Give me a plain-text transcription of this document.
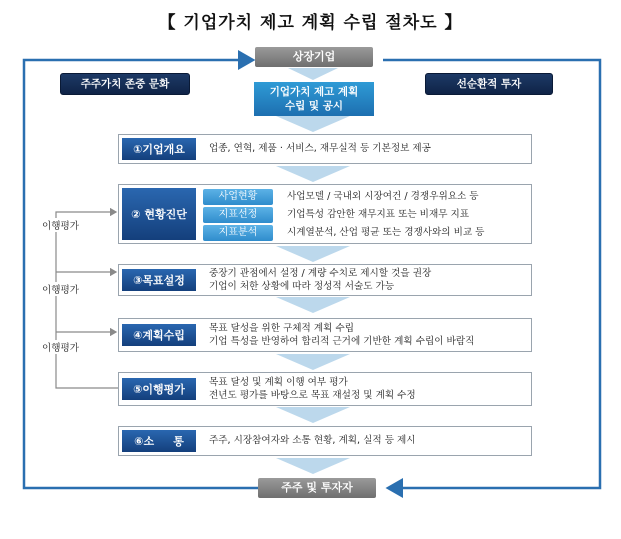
【 기업가치 제고 계획 수립 절차도 】
상장기업
주주가치 존중 문화	선순환적 투자
기업가치 제고 계획
수립 및 공시
①기업개요	업종, 연혁, 제품 · 서비스, 재무실적 등 기본정보 제공
② 현황진단
사업현황	사업모델 / 국내외 시장여건 / 경쟁우위요소 등
지표선정	기업특성 감안한 재무지표 또는 비재무 지표
지표분석	시계열분석, 산업 평균 또는 경쟁사와의 비교 등
③목표설정
중장기 관점에서 설정 / 계량 수치로 제시할 것을 권장
기업이 처한 상황에 따라 정성적 서술도 가능
④계획수립
목표 달성을 위한 구체적 계획 수립
기업 특성을 반영하여 합리적 근거에 기반한 계획 수립이 바람직
⑤이행평가
목표 달성 및 계획 이행 여부 평가
전년도 평가를 바탕으로 목표 재설정 및 계획 수정
⑥소     통	주주, 시장참여자와 소통 현황, 계획, 실적 등 제시
이행평가
이행평가
이행평가
주주 및 투자자
